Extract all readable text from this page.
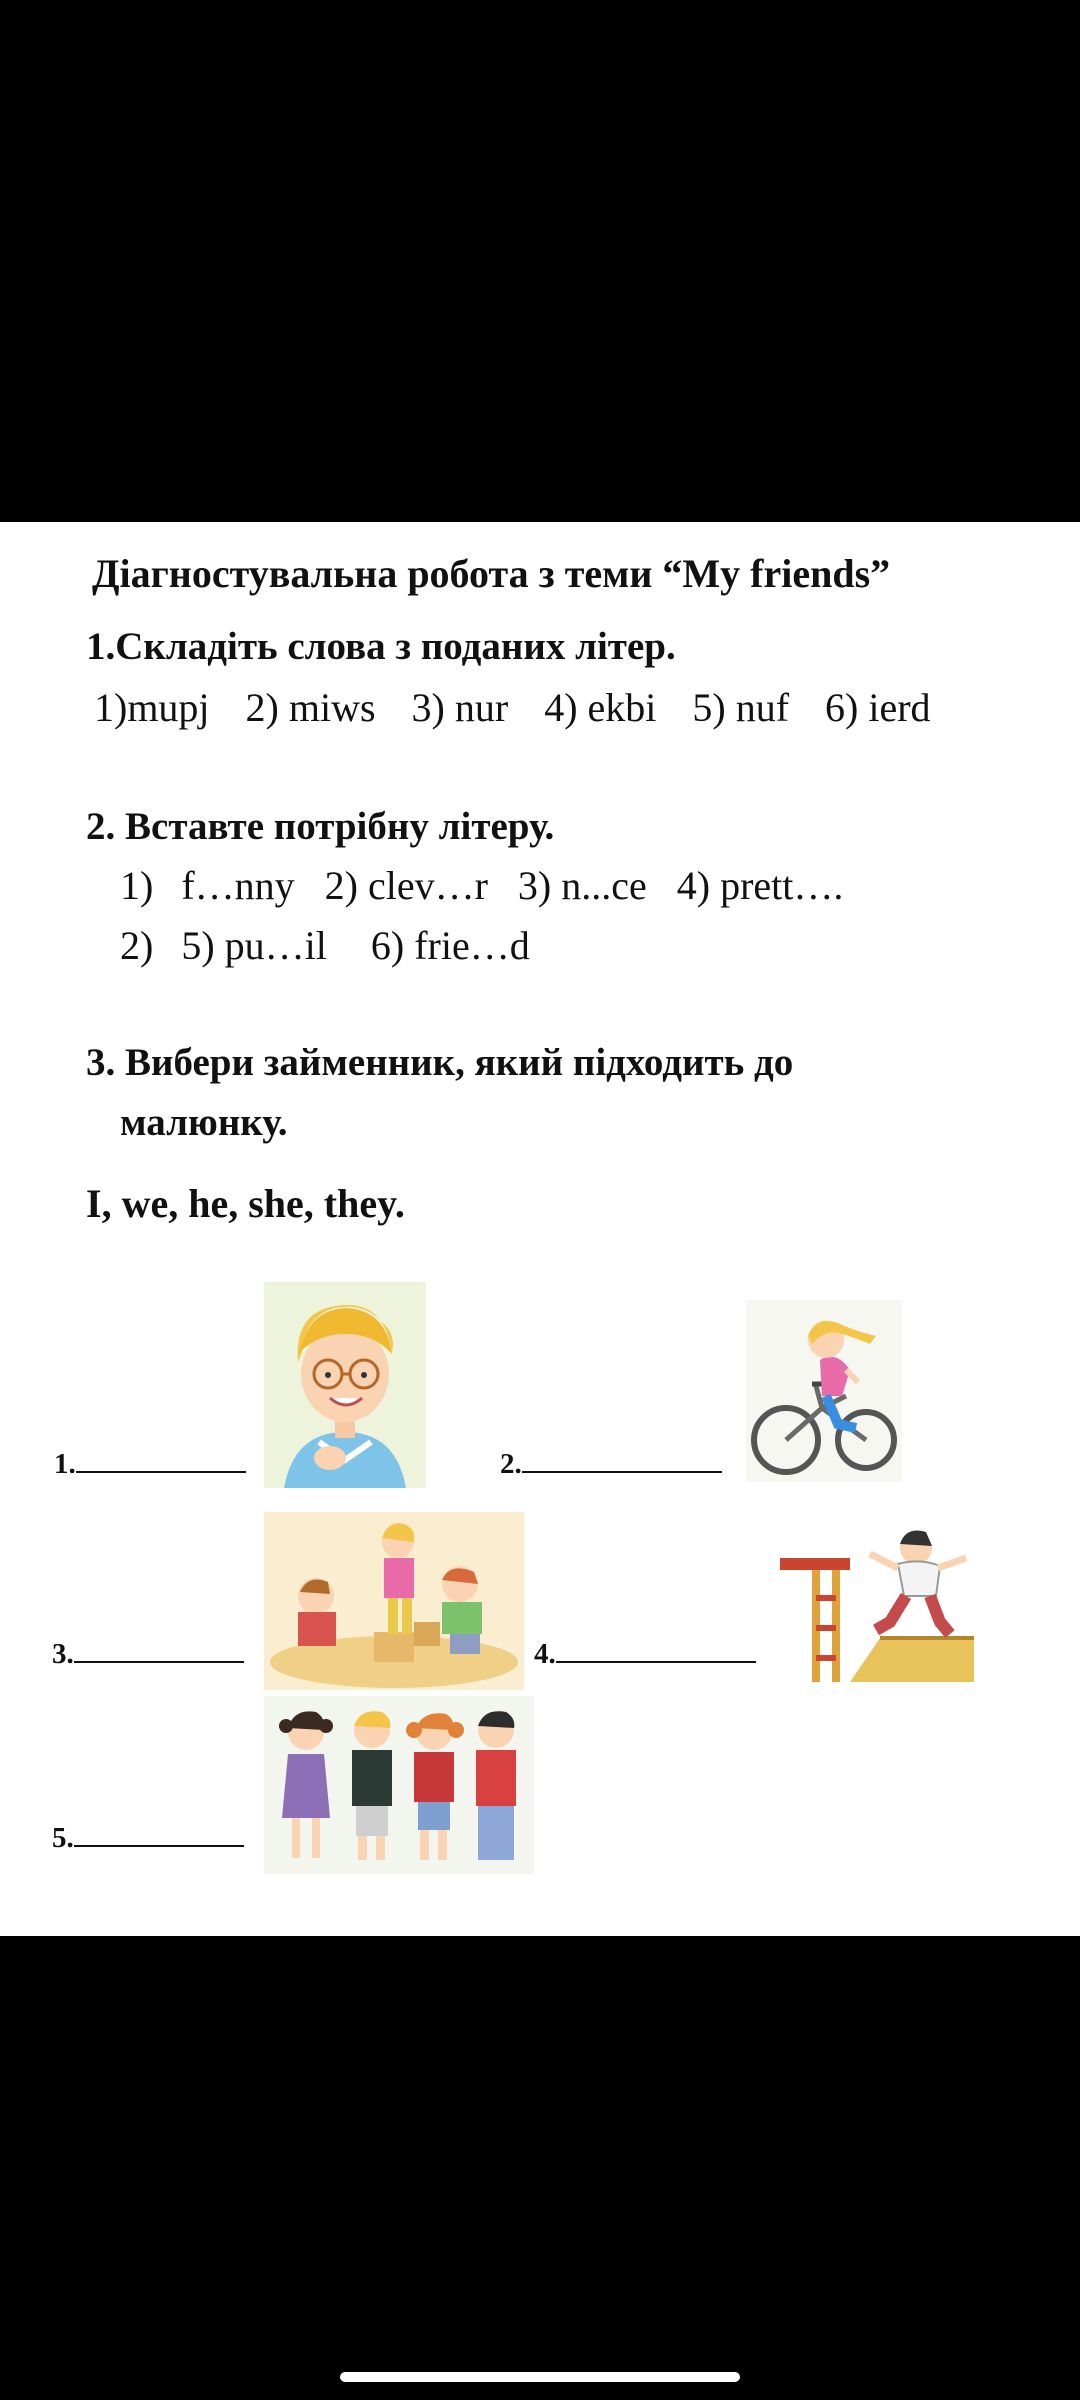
Діагностувальна робота з теми “My friends”
1.Складіть слова з поданих літер.
1)mupj 2) miws 3) nur 4) ekbi 5) nuf 6) ierd
2. Вставте потрібну літеру.
1) f…nny 2) clev…r 3) n...ce 4) prett….
2) 5) pu…il 6) frie…d
3. Вибери займенник, який підходить до
малюнку.
I, we, he, she, they.
1.	2.
3.	4.
5.
